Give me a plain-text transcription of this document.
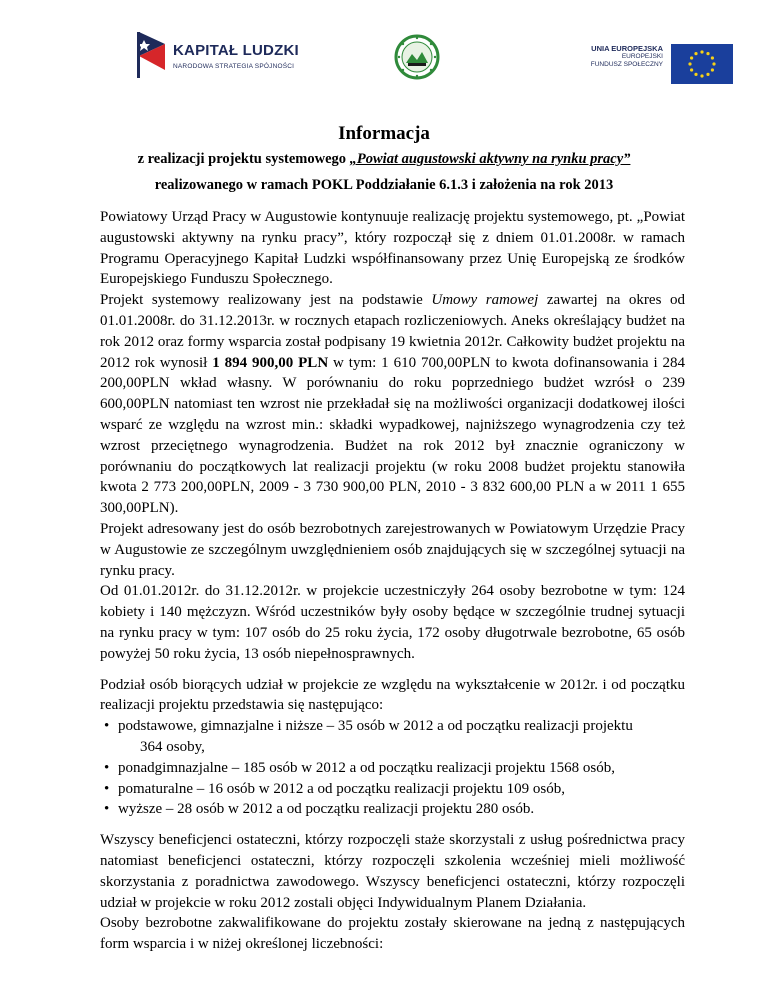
KAPITAŁ LUDZKI
NARODOWA STRATEGIA SPÓJNOŚCI
UNIA EUROPEJSKA
EUROPEJSKI
FUNDUSZ SPOŁECZNY
Informacja
z realizacji projektu systemowego „Powiat augustowski aktywny na rynku pracy”
realizowanego w ramach POKL Poddziałanie 6.1.3 i założenia na rok 2013

Powiatowy Urząd Pracy w Augustowie kontynuuje realizację projektu systemowego, pt. „Powiat augustowski aktywny na rynku pracy”, który rozpoczął się z dniem 01.01.2008r. w ramach Programu Operacyjnego Kapitał Ludzki współfinansowany przez Unię Europejską ze środków Europejskiego Funduszu Społecznego.

Projekt systemowy realizowany jest na podstawie Umowy ramowej zawartej na okres od 01.01.2008r. do 31.12.2013r. w rocznych etapach rozliczeniowych. Aneks określający budżet na rok 2012 oraz formy wsparcia został podpisany 19 kwietnia 2012r. Całkowity budżet projektu na 2012 rok wynosił 1 894 900,00 PLN w tym: 1 610 700,00PLN to kwota dofinansowania i 284 200,00PLN wkład własny. W porównaniu do roku poprzedniego budżet wzrósł o 239 600,00PLN natomiast ten wzrost nie przekładał się na możliwości organizacji dodatkowej ilości wsparć ze względu na wzrost min.: składki wypadkowej, najniższego wynagrodzenia czy też wzrost przeciętnego wynagrodzenia. Budżet na rok 2012 był znacznie ograniczony w porównaniu do początkowych lat realizacji projektu (w roku 2008 budżet projektu stanowiła kwota 2 773 200,00PLN, 2009 - 3 730 900,00 PLN, 2010 - 3 832 600,00 PLN a w 2011 1 655 300,00PLN).

Projekt adresowany jest do osób bezrobotnych zarejestrowanych w Powiatowym Urzędzie Pracy w Augustowie ze szczególnym uwzględnieniem osób znajdujących się w szczególnej sytuacji na rynku pracy.

Od 01.01.2012r. do 31.12.2012r. w projekcie uczestniczyły 264 osoby bezrobotne w tym: 124 kobiety i 140 mężczyzn. Wśród uczestników były osoby będące w szczególnie trudnej sytuacji na rynku pracy w tym: 107 osób do 25 roku życia, 172 osoby długotrwale bezrobotne, 65 osób powyżej 50 roku życia, 13 osób niepełnosprawnych.

Podział osób biorących udział w projekcie ze względu na wykształcenie w 2012r. i od początku realizacji projektu przedstawia się następująco:

• podstawowe, gimnazjalne i niższe – 35 osób w 2012 a od początku realizacji projektu
364 osoby,
• ponadgimnazjalne – 185 osób w 2012 a od początku realizacji projektu 1568 osób,
• pomaturalne – 16 osób w 2012 a od początku realizacji projektu 109 osób,
• wyższe – 28 osób w 2012 a od początku realizacji projektu 280 osób.

Wszyscy beneficjenci ostateczni, którzy rozpoczęli staże skorzystali z usług pośrednictwa pracy natomiast beneficjenci ostateczni, którzy rozpoczęli szkolenia wcześniej mieli możliwość skorzystania z poradnictwa zawodowego. Wszyscy beneficjenci ostateczni, którzy rozpoczęli udział w projekcie w roku 2012 zostali objęci Indywidualnym Planem Działania.

Osoby bezrobotne zakwalifikowane do projektu zostały skierowane na jedną z następujących form wsparcia i w niżej określonej liczebności:
